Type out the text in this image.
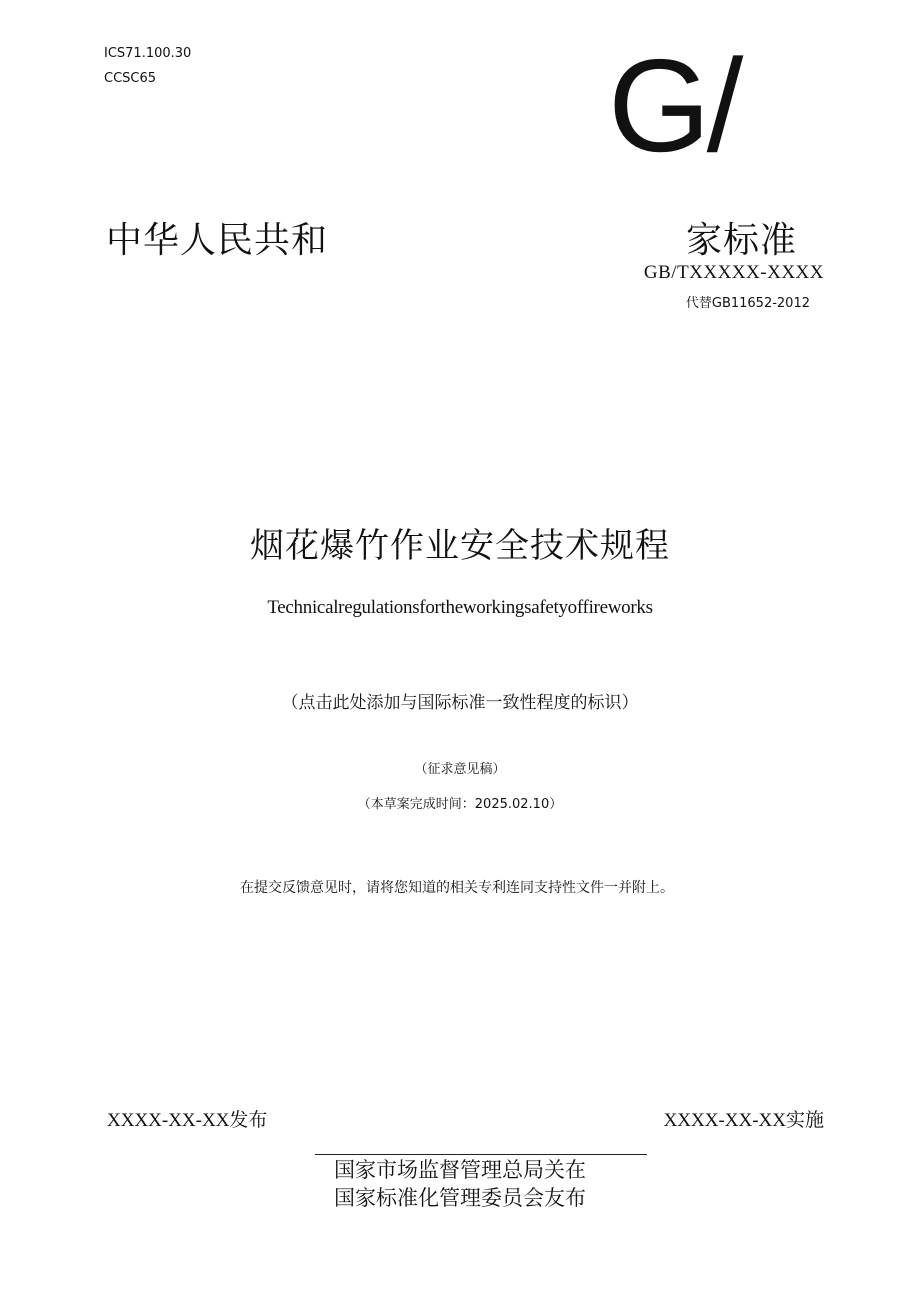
ICS71.100.30
CCSC65	G/
中华人民共和	家标准
GB/TXXXXX-XXXX
代替GB11652-2012
烟花爆竹作业安全技术规程
Technicalregulationsfortheworkingsafetyoffireworks
（点击此处添加与国际标准一致性程度的标识）
（征求意见稿）
（本草案完成时间：2025.02.10）
在提交反馈意见时，请将您知道的相关专利连同支持性文件一并附上。
XXXX-XX-XX发布	XXXX-XX-XX实施
国家市场监督管理总局关在
国家标准化管理委员会友布
